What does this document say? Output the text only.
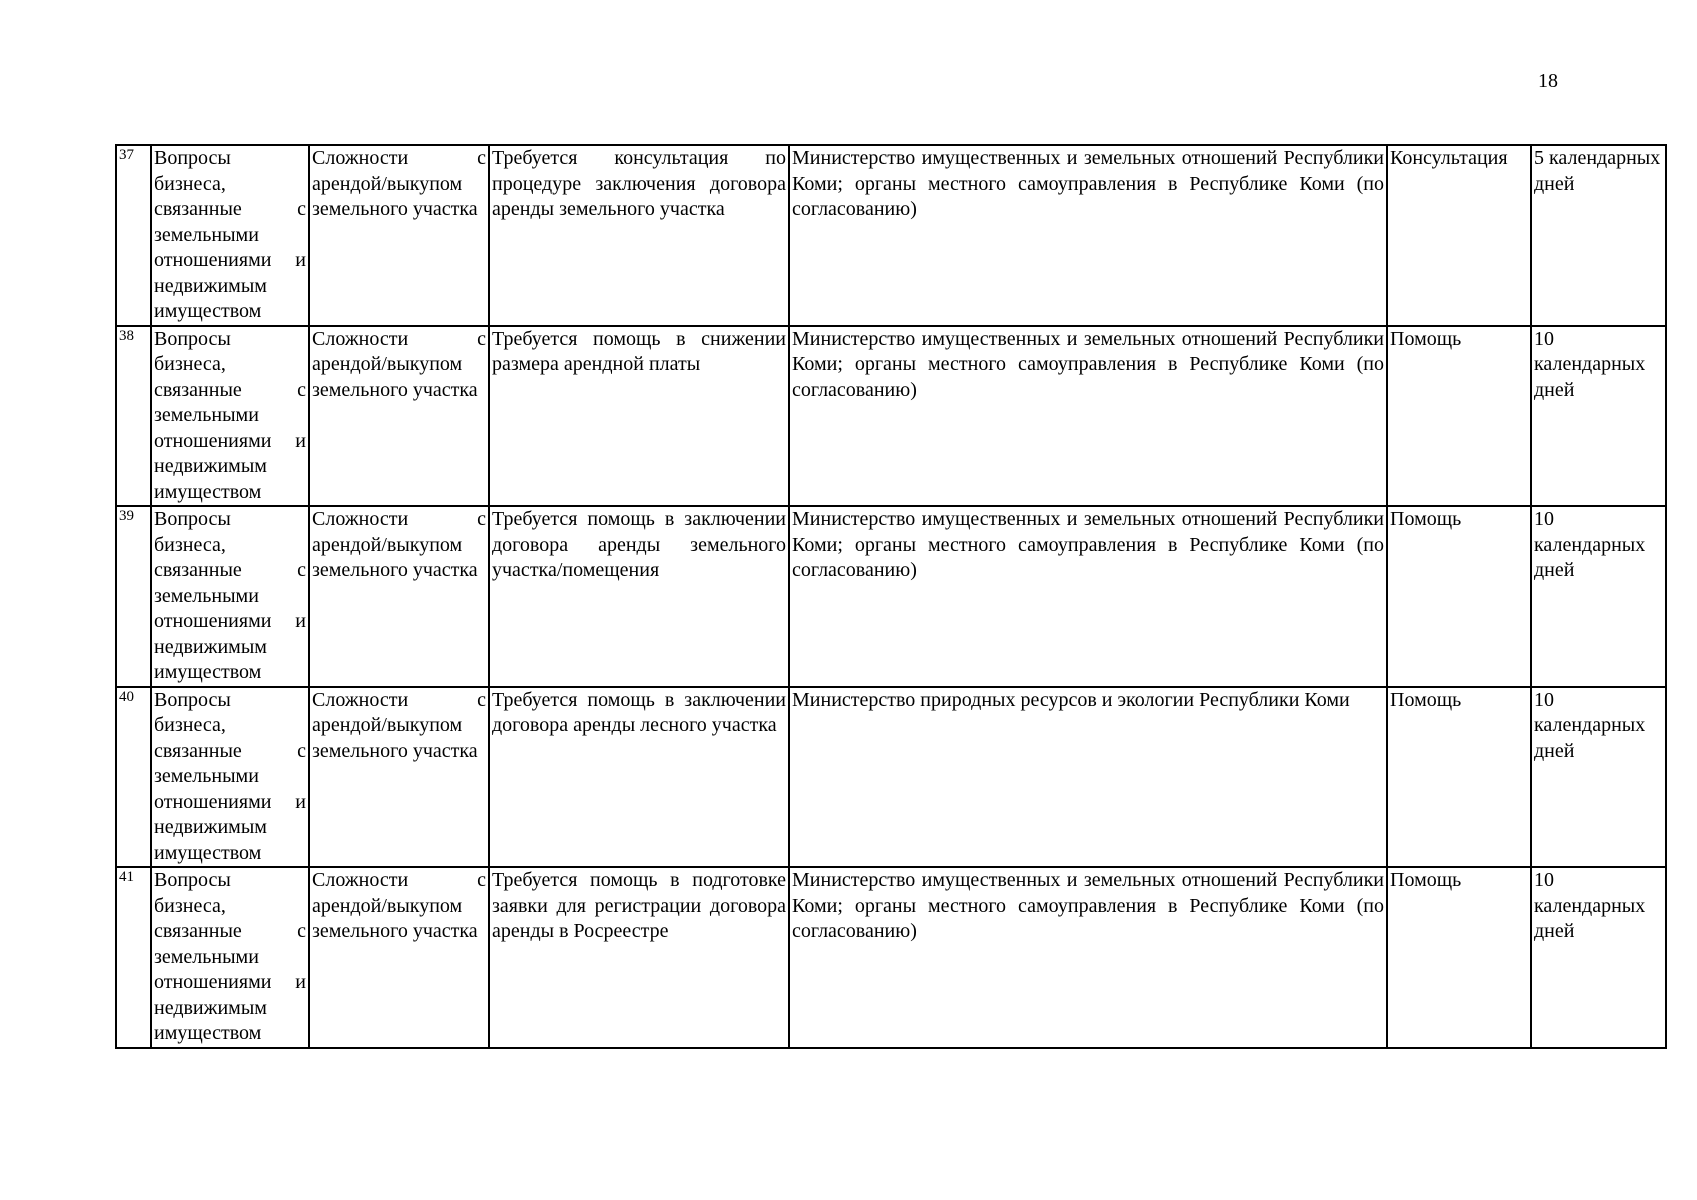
18
37	Вопросы бизнеса, связанные с земельными отношениями и недвижимым имуществом	Сложности с арендой/выкупом земельного участка	Требуется консультация по процедуре заключения договора аренды земельного участка	Министерство имущественных и земельных отношений Республики Коми; органы местного самоуправления в Республике Коми (по согласованию)	Консультация	5 календарных дней
38	Вопросы бизнеса, связанные с земельными отношениями и недвижимым имуществом	Сложности с арендой/выкупом земельного участка	Требуется помощь в снижении размера арендной платы	Министерство имущественных и земельных отношений Республики Коми; органы местного самоуправления в Республике Коми (по согласованию)	Помощь	10 календарных дней
39	Вопросы бизнеса, связанные с земельными отношениями и недвижимым имуществом	Сложности с арендой/выкупом земельного участка	Требуется помощь в заключении договора аренды земельного участка/помещения	Министерство имущественных и земельных отношений Республики Коми; органы местного самоуправления в Республике Коми (по согласованию)	Помощь	10 календарных дней
40	Вопросы бизнеса, связанные с земельными отношениями и недвижимым имуществом	Сложности с арендой/выкупом земельного участка	Требуется помощь в заключении договора аренды лесного участка	Министерство природных ресурсов и экологии Республики Коми	Помощь	10 календарных дней
41	Вопросы бизнеса, связанные с земельными отношениями и недвижимым имуществом	Сложности с арендой/выкупом земельного участка	Требуется помощь в подготовке заявки для регистрации договора аренды в Росреестре	Министерство имущественных и земельных отношений Республики Коми; органы местного самоуправления в Республике Коми (по согласованию)	Помощь	10 календарных дней
